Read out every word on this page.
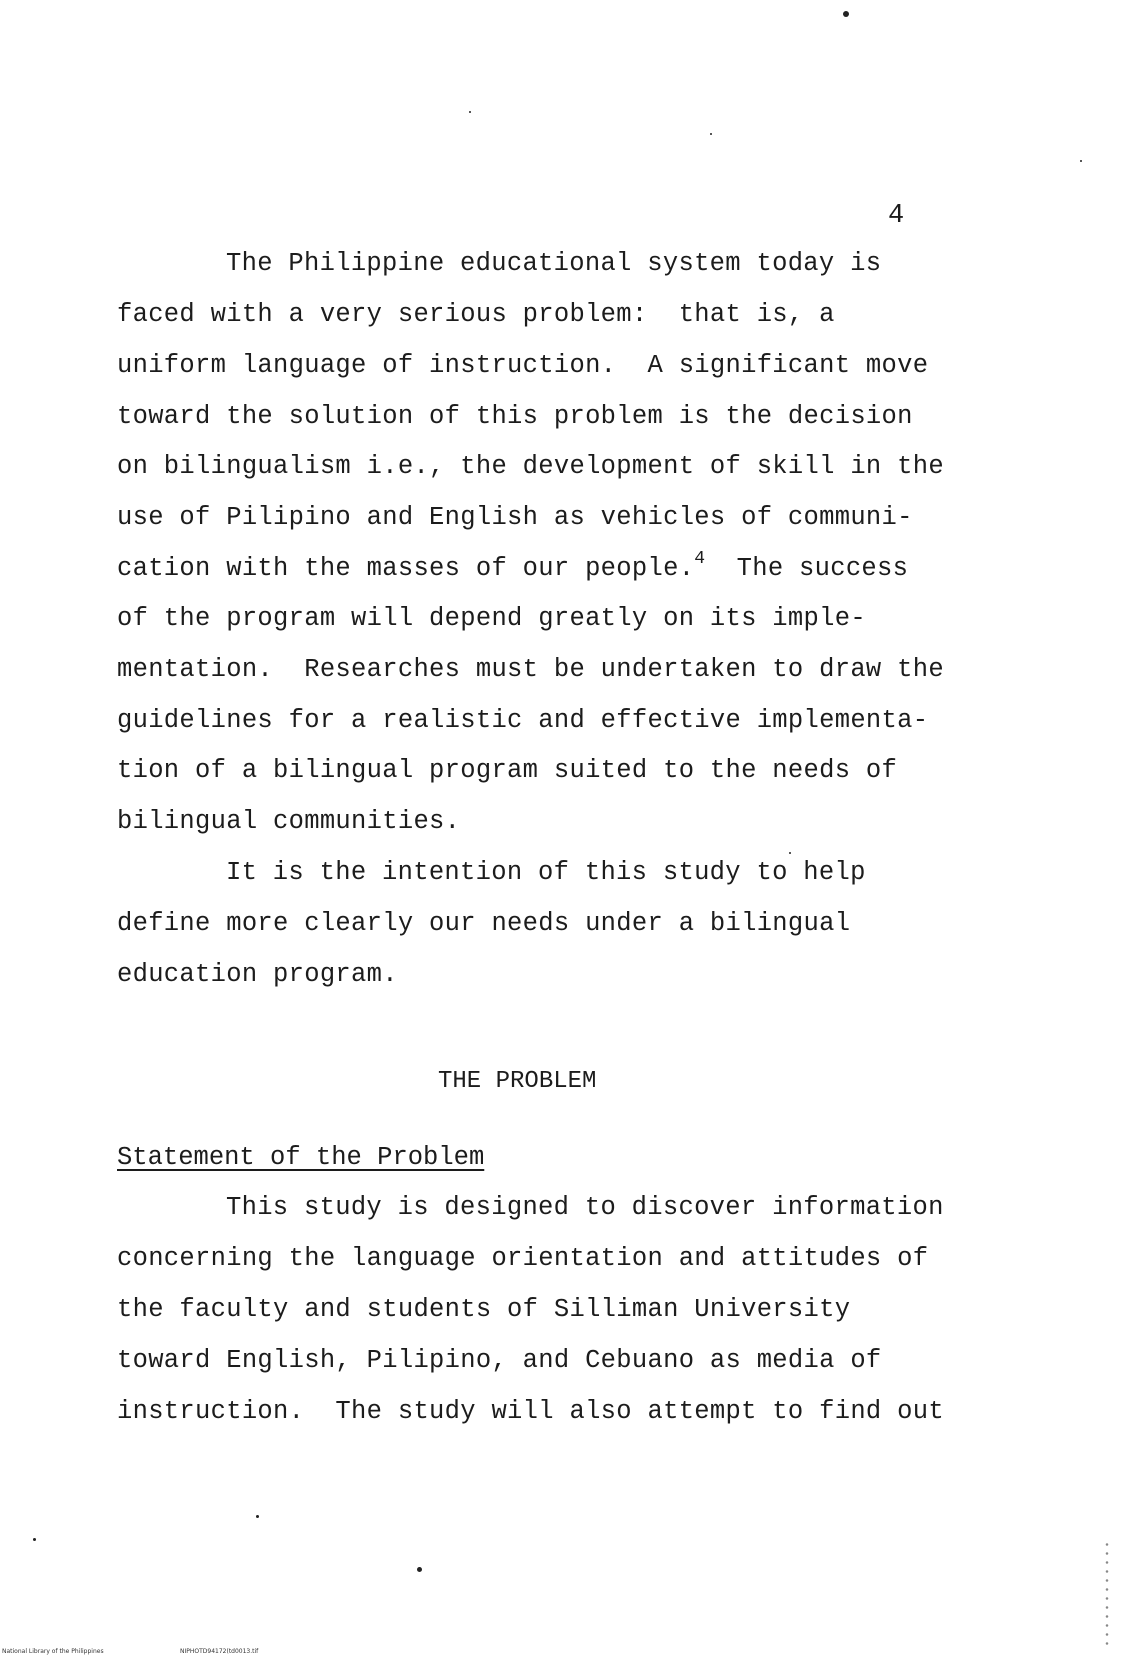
4
The Philippine educational system today is
faced with a very serious problem:  that is, a
uniform language of instruction.  A significant move
toward the solution of this problem is the decision
on bilingualism i.e., the development of skill in the
use of Pilipino and English as vehicles of communi-
cation with the masses of our people.$^4$  The success
of the program will depend greatly on its imple-
mentation.  Researches must be undertaken to draw the
guidelines for a realistic and effective implementa-
tion of a bilingual program suited to the needs of
bilingual communities.
It is the intention of this study to help
define more clearly our needs under a bilingual
education program.
THE PROBLEM
Statement of the Problem
This study is designed to discover information
concerning the language orientation and attitudes of
the faculty and students of Silliman University
toward English, Pilipino, and Cebuano as media of
instruction.  The study will also attempt to find out
National Library of the Philippines	NIPHOTD94172(td0013.tif
